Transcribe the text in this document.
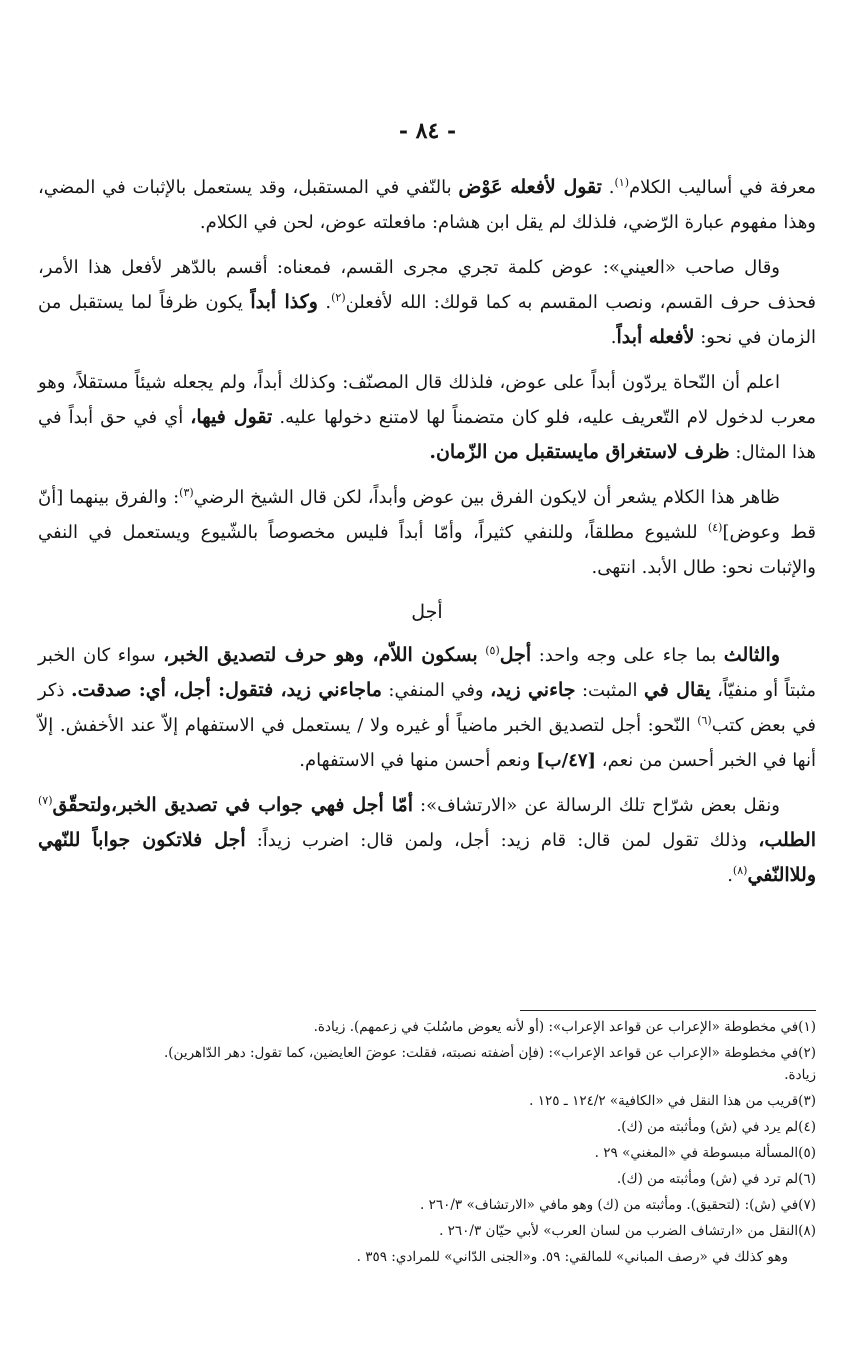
- ٨٤ -

معرفة في أساليب الكلام$^{(١)}$. تقول لأفعله عَوْض بالنّفي في المستقبل، وقد يستعمل بالإثبات في المضي، وهذا مفهوم عبارة الرّضي، فلذلك لم يقل ابن هشام: مافعلته عوض، لحن في الكلام.

وقال صاحب «العيني»: عوض كلمة تجري مجرى القسم، فمعناه: أقسم بالدّهر لأفعل هذا الأمر، فحذف حرف القسم، ونصب المقسم به كما قولك: الله لأفعلن$^{(٢)}$. وكذا أبداً يكون ظرفاً لما يستقبل من الزمان في نحو: لأفعله أبداً.

اعلم أن النّحاة يردّون أبداً على عوض، فلذلك قال المصنّف: وكذلك أبداً، ولم يجعله شيئاً مستقلاً، وهو معرب لدخول لام التّعريف عليه، فلو كان متضمناً لها لامتنع دخولها عليه. تقول فيها، أي في حق أبداً في هذا المثال: ظرف لاستغراق مايستقبل من الزّمان.

ظاهر هذا الكلام يشعر أن لايكون الفرق بين عوض وأبداً، لكن قال الشيخ الرضي$^{(٣)}$: والفرق بينهما [أنّ قط وعوض]$^{(٤)}$ للشيوع مطلقاً، وللنفي كثيراً، وأمّا أبداً فليس مخصوصاً بالشّيوع ويستعمل في النفي والإثبات نحو: طال الأبد. انتهى.

أجل

والثالث بما جاء على وجه واحد: أجل$^{(٥)}$ بسكون اللاّم، وهو حرف لتصديق الخبر، سواء كان الخبر مثبتاً أو منفيّاً، يقال في المثبت: جاءني زيد، وفي المنفي: ماجاءني زيد، فتقول: أجل، أي: صدقت. ذكر في بعض كتب$^{(٦)}$ النّحو: أجل لتصديق الخبر ماضياً أو غيره ولا / يستعمل في الاستفهام إلاّ عند الأخفش. إلاّ أنها في الخبر أحسن من نعم، [٤٧/ب] ونعم أحسن منها في الاستفهام.

ونقل بعض شرّاح تلك الرسالة عن «الارتشاف»: أمّا أجل فهي جواب في تصديق الخبر،ولتحقّق$^{(٧)}$ الطلب، وذلك تقول لمن قال: قام زيد: أجل، ولمن قال: اضرب زيداً: أجل فلاتكون جواباً للنّهي وللاالنّفي$^{(٨)}$.

(١)في مخطوطة «الإعراب عن قواعد الإعراب»: (أو لأنه يعوض ماسُلبَ في زعمهم). زيادة.
(٢)في مخطوطة «الإعراب عن قواعد الإعراب»: (فإن أضفته نصبته، فقلت: عوضَ العايضين، كما تقول: دهر الدّاهرين). زيادة.
(٣)قريب من هذا النقل في «الكافية» ١٢٤/٢ ـ ١٢٥ .
(٤)لم يرد في (ش) ومأثبته من (ك).
(٥)المسألة مبسوطة في «المغني» ٢٩ .
(٦)لم ترد في (ش) ومأثبته من (ك).
(٧)في (ش): (لتحقيق). ومأثبته من (ك) وهو مافي «الارتشاف» ٢٦٠/٣ .
(٨)النقل من «ارتشاف الضرب من لسان العرب» لأبي حيّان ٢٦٠/٣ .
وهو كذلك في «رصف المباني» للمالقي: ٥٩. و«الجنى الدّاني» للمرادي: ٣٥٩ .
